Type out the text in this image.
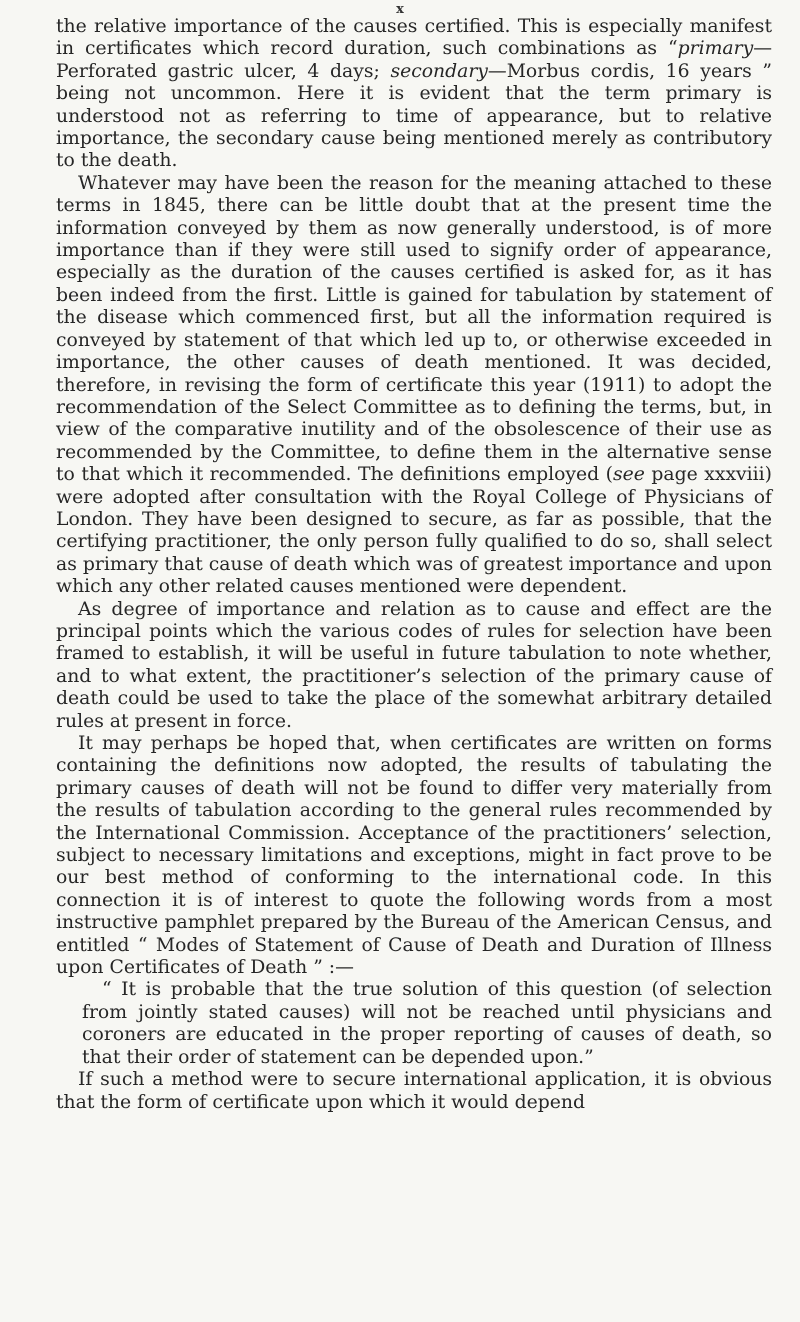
x

the relative importance of the causes certified. This is especially manifest in certificates which record duration, such combinations as “primary—Perforated gastric ulcer, 4 days; secondary—Morbus cordis, 16 years ” being not uncommon. Here it is evident that the term primary is understood not as referring to time of appearance, but to relative importance, the secondary cause being mentioned merely as contributory to the death.

Whatever may have been the reason for the meaning attached to these terms in 1845, there can be little doubt that at the present time the information conveyed by them as now generally understood, is of more importance than if they were still used to signify order of appearance, especially as the duration of the causes certified is asked for, as it has been indeed from the first. Little is gained for tabulation by statement of the disease which commenced first, but all the information required is conveyed by statement of that which led up to, or otherwise exceeded in importance, the other causes of death mentioned. It was decided, therefore, in revising the form of certificate this year (1911) to adopt the recommendation of the Select Committee as to defining the terms, but, in view of the comparative inutility and of the obsolescence of their use as recommended by the Committee, to define them in the alternative sense to that which it recommended. The definitions employed (see page xxxviii) were adopted after consultation with the Royal College of Physicians of London. They have been designed to secure, as far as possible, that the certifying practitioner, the only person fully qualified to do so, shall select as primary that cause of death which was of greatest importance and upon which any other related causes mentioned were dependent.

As degree of importance and relation as to cause and effect are the principal points which the various codes of rules for selection have been framed to establish, it will be useful in future tabulation to note whether, and to what extent, the practitioner’s selection of the primary cause of death could be used to take the place of the somewhat arbitrary detailed rules at present in force.

It may perhaps be hoped that, when certificates are written on forms containing the definitions now adopted, the results of tabulating the primary causes of death will not be found to differ very materially from the results of tabulation according to the general rules recommended by the International Commission. Acceptance of the practitioners’ selection, subject to necessary limitations and exceptions, might in fact prove to be our best method of conforming to the international code. In this connection it is of interest to quote the following words from a most instructive pamphlet prepared by the Bureau of the American Census, and entitled “ Modes of Statement of Cause of Death and Duration of Illness upon Certificates of Death ” :—

“ It is probable that the true solution of this question (of selection from jointly stated causes) will not be reached until physicians and coroners are educated in the proper reporting of causes of death, so that their order of statement can be depended upon.”

If such a method were to secure international application, it is obvious that the form of certificate upon which it would depend
